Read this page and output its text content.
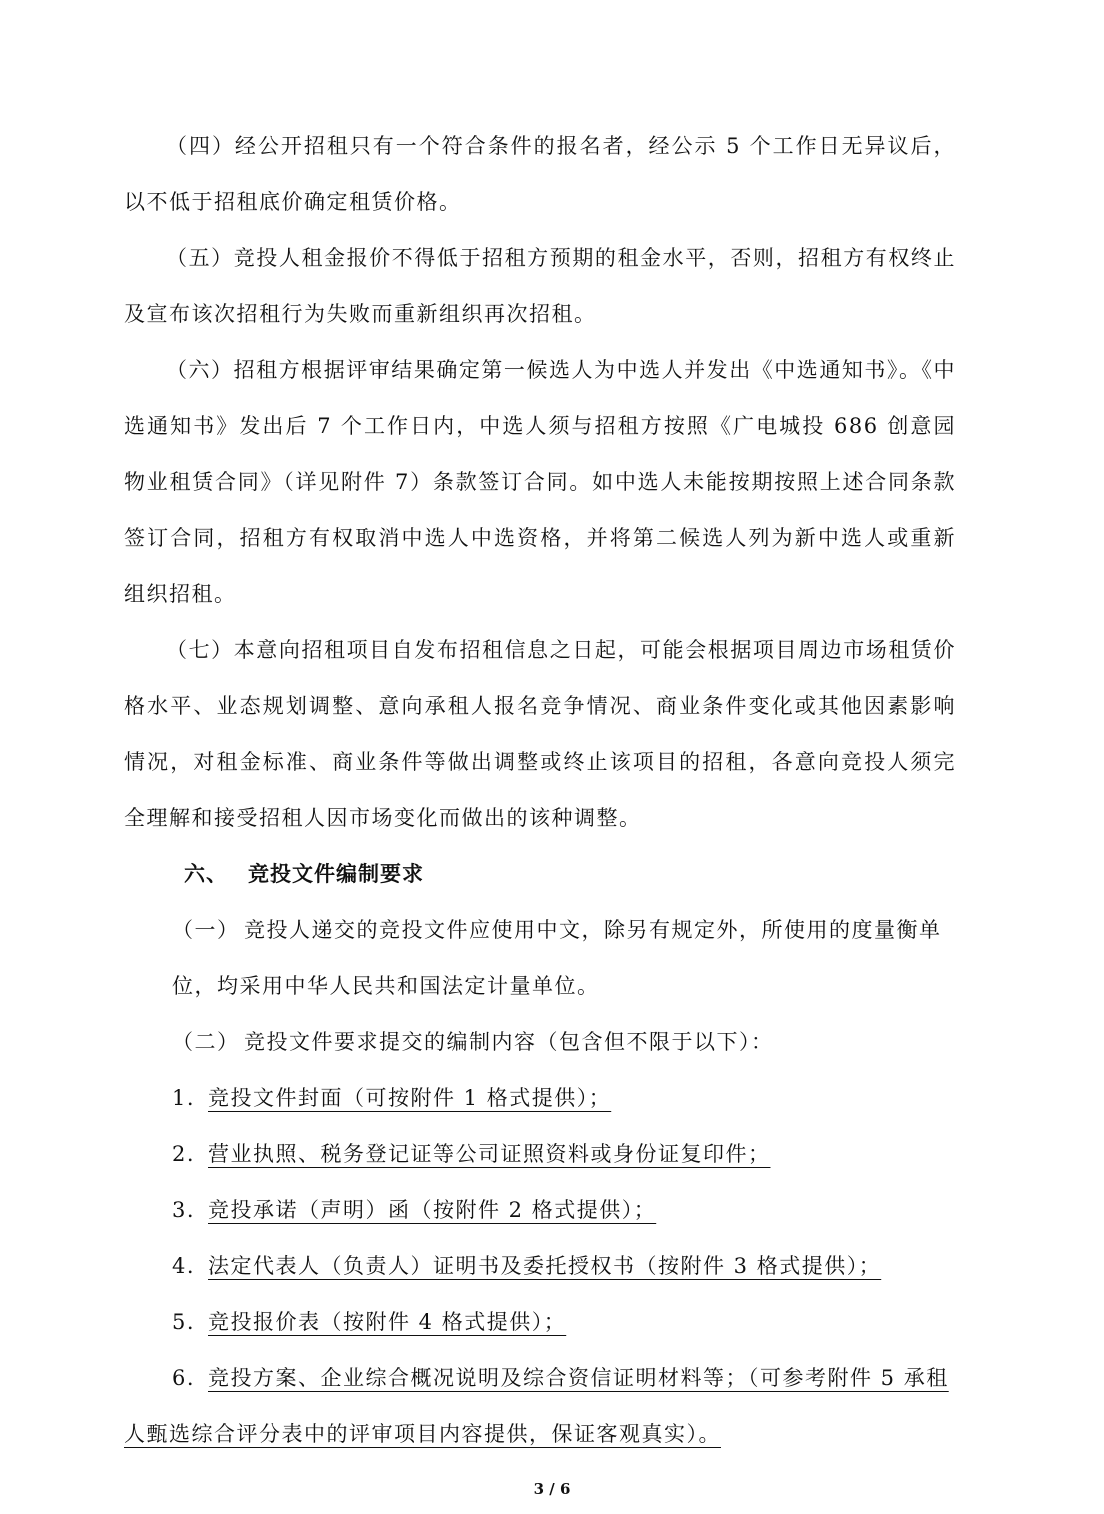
（四）经公开招租只有一个符合条件的报名者，经公示 5 个工作日无异议后，以不低于招租底价确定租赁价格。

（五）竞投人租金报价不得低于招租方预期的租金水平，否则，招租方有权终止及宣布该次招租行为失败而重新组织再次招租。

（六）招租方根据评审结果确定第一候选人为中选人并发出《中选通知书》。《中选通知书》发出后 7 个工作日内，中选人须与招租方按照《广电城投 686 创意园物业租赁合同》（详见附件 7）条款签订合同。如中选人未能按期按照上述合同条款签订合同，招租方有权取消中选人中选资格，并将第二候选人列为新中选人或重新组织招租。

（七）本意向招租项目自发布招租信息之日起，可能会根据项目周边市场租赁价格水平、业态规划调整、意向承租人报名竞争情况、商业条件变化或其他因素影响情况，对租金标准、商业条件等做出调整或终止该项目的招租，各意向竞投人须完全理解和接受招租人因市场变化而做出的该种调整。

六、 竞投文件编制要求

（一） 竞投人递交的竞投文件应使用中文，除另有规定外，所使用的度量衡单位，均采用中华人民共和国法定计量单位。

（二） 竞投文件要求提交的编制内容（包含但不限于以下）：

1. 竞投文件封面（可按附件 1 格式提供）；

2. 营业执照、税务登记证等公司证照资料或身份证复印件；

3. 竞投承诺（声明）函（按附件 2 格式提供）；

4. 法定代表人（负责人）证明书及委托授权书（按附件 3 格式提供）；

5. 竞投报价表（按附件 4 格式提供）；

6. 竞投方案、企业综合概况说明及综合资信证明材料等；（可参考附件 5 承租人甄选综合评分表中的评审项目内容提供，保证客观真实）。

3 / 6
